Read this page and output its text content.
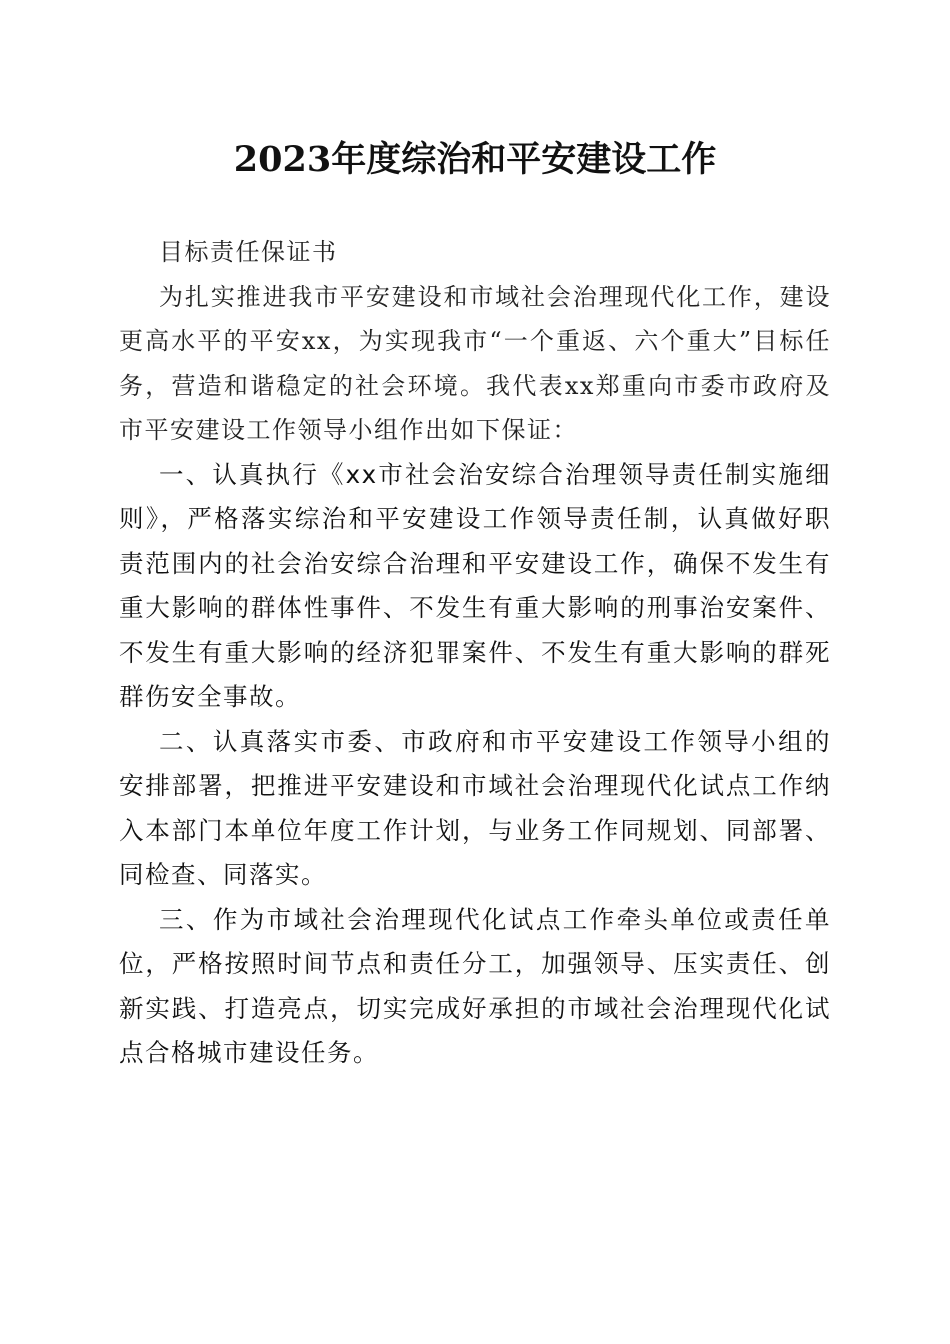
2023年度综治和平安建设工作

目标责任保证书

为扎实推进我市平安建设和市域社会治理现代化工作，建设更高水平的平安xx，为实现我市“一个重返、六个重大”目标任务，营造和谐稳定的社会环境。我代表xx郑重向市委市政府及市平安建设工作领导小组作出如下保证：

一、认真执行《xx市社会治安综合治理领导责任制实施细则》，严格落实综治和平安建设工作领导责任制，认真做好职责范围内的社会治安综合治理和平安建设工作，确保不发生有重大影响的群体性事件、不发生有重大影响的刑事治安案件、不发生有重大影响的经济犯罪案件、不发生有重大影响的群死群伤安全事故。

二、认真落实市委、市政府和市平安建设工作领导小组的安排部署，把推进平安建设和市域社会治理现代化试点工作纳入本部门本单位年度工作计划，与业务工作同规划、同部署、同检查、同落实。

三、作为市域社会治理现代化试点工作牵头单位或责任单位，严格按照时间节点和责任分工，加强领导、压实责任、创新实践、打造亮点，切实完成好承担的市域社会治理现代化试点合格城市建设任务。
